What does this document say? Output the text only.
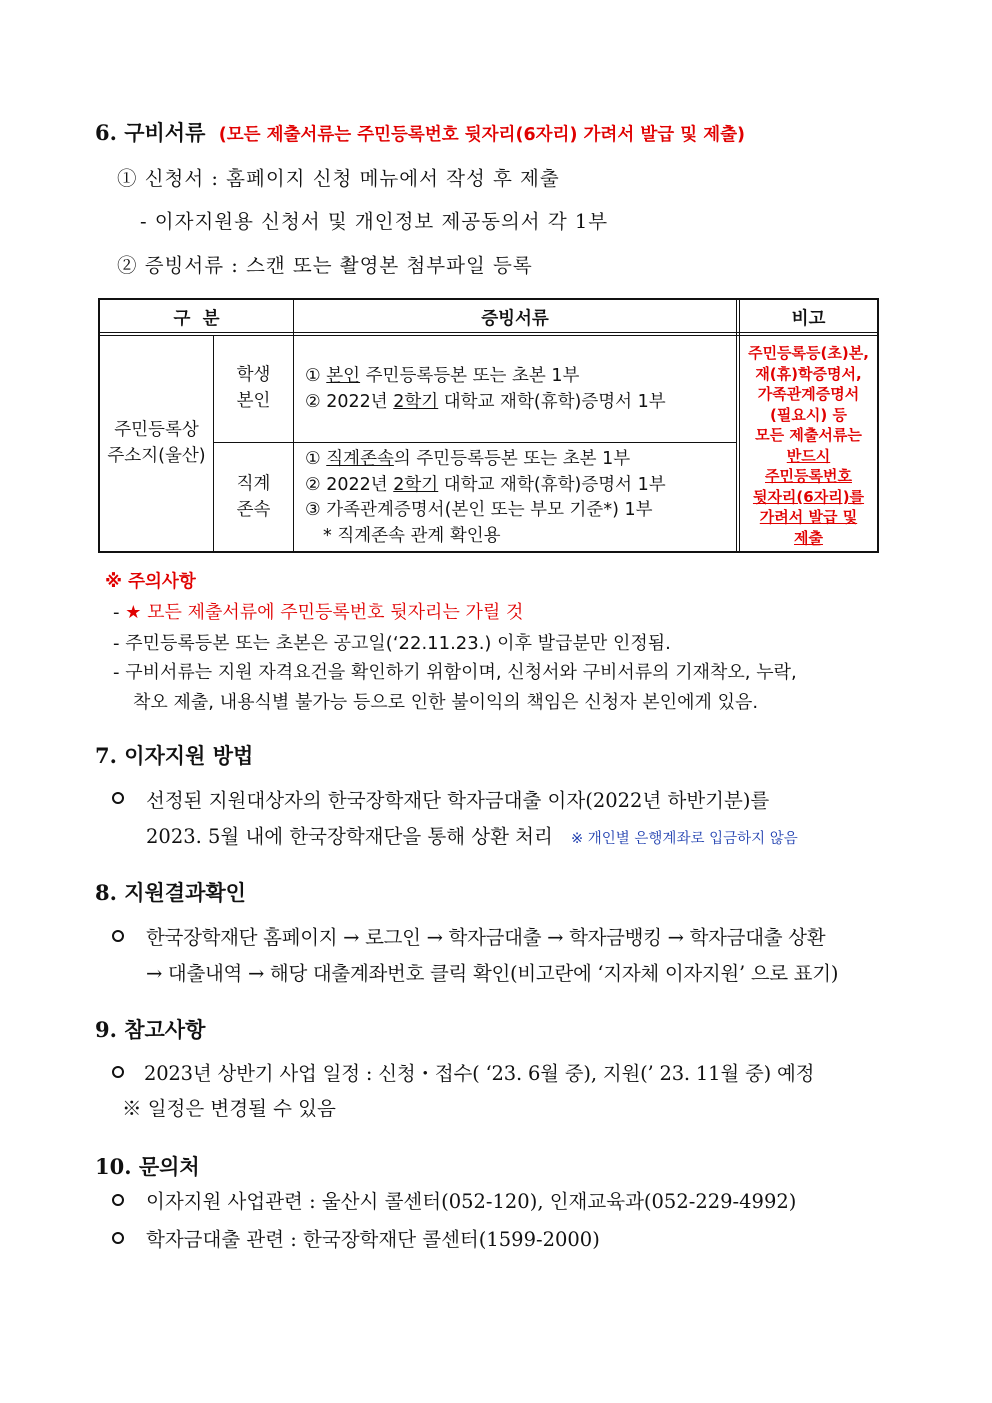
6. 구비서류 (모든 제출서류는 주민등록번호 뒷자리(6자리) 가려서 발급 및 제출)
① 신청서 : 홈페이지 신청 메뉴에서 작성 후 제출
- 이자지원용 신청서 및 개인정보 제공동의서 각 1부
② 증빙서류 : 스캔 또는 촬영본 첨부파일 등록
구  분	증빙서류	비고
주민등록상
주소지(울산)
학생
본인
① 본인 주민등록등본 또는 초본 1부
② 2022년 2학기 대학교 재학(휴학)증명서 1부
직계
존속
① 직계존속의 주민등록등본 또는 초본 1부
② 2022년 2학기 대학교 재학(휴학)증명서 1부
③ 가족관계증명서(본인 또는 부모 기준*) 1부
* 직계존속 관계 확인용
주민등록등(초)본,
재(휴)학증명서,
가족관계증명서
(필요시) 등
모든 제출서류는
반드시
주민등록번호
뒷자리(6자리)를
가려서 발급 및
제출
※ 주의사항
- ★ 모든 제출서류에 주민등록번호 뒷자리는 가릴 것
- 주민등록등본 또는 초본은 공고일(‘22.11.23.) 이후 발급분만 인정됨.
- 구비서류는 지원 자격요건을 확인하기 위함이며, 신청서와 구비서류의 기재착오, 누락,
착오 제출, 내용식별 불가능 등으로 인한 불이익의 책임은 신청자 본인에게 있음.
7. 이자지원 방법
선정된 지원대상자의 한국장학재단 학자금대출 이자(2022년 하반기분)를
2023. 5월 내에 한국장학재단을 통해 상환 처리 ※ 개인별 은행계좌로 입금하지 않음
8. 지원결과확인
한국장학재단 홈페이지 → 로그인 → 학자금대출 → 학자금뱅킹 → 학자금대출 상환
→ 대출내역 → 해당 대출계좌번호 클릭 확인(비고란에 ‘지자체 이자지원’ 으로 표기)
9. 참고사항
2023년 상반기 사업 일정 : 신청・접수( ‘23. 6월 중), 지원(’ 23. 11월 중) 예정
※ 일정은 변경될 수 있음
10. 문의처
이자지원 사업관련 : 울산시 콜센터(052-120), 인재교육과(052-229-4992)
학자금대출 관련 : 한국장학재단 콜센터(1599-2000)
